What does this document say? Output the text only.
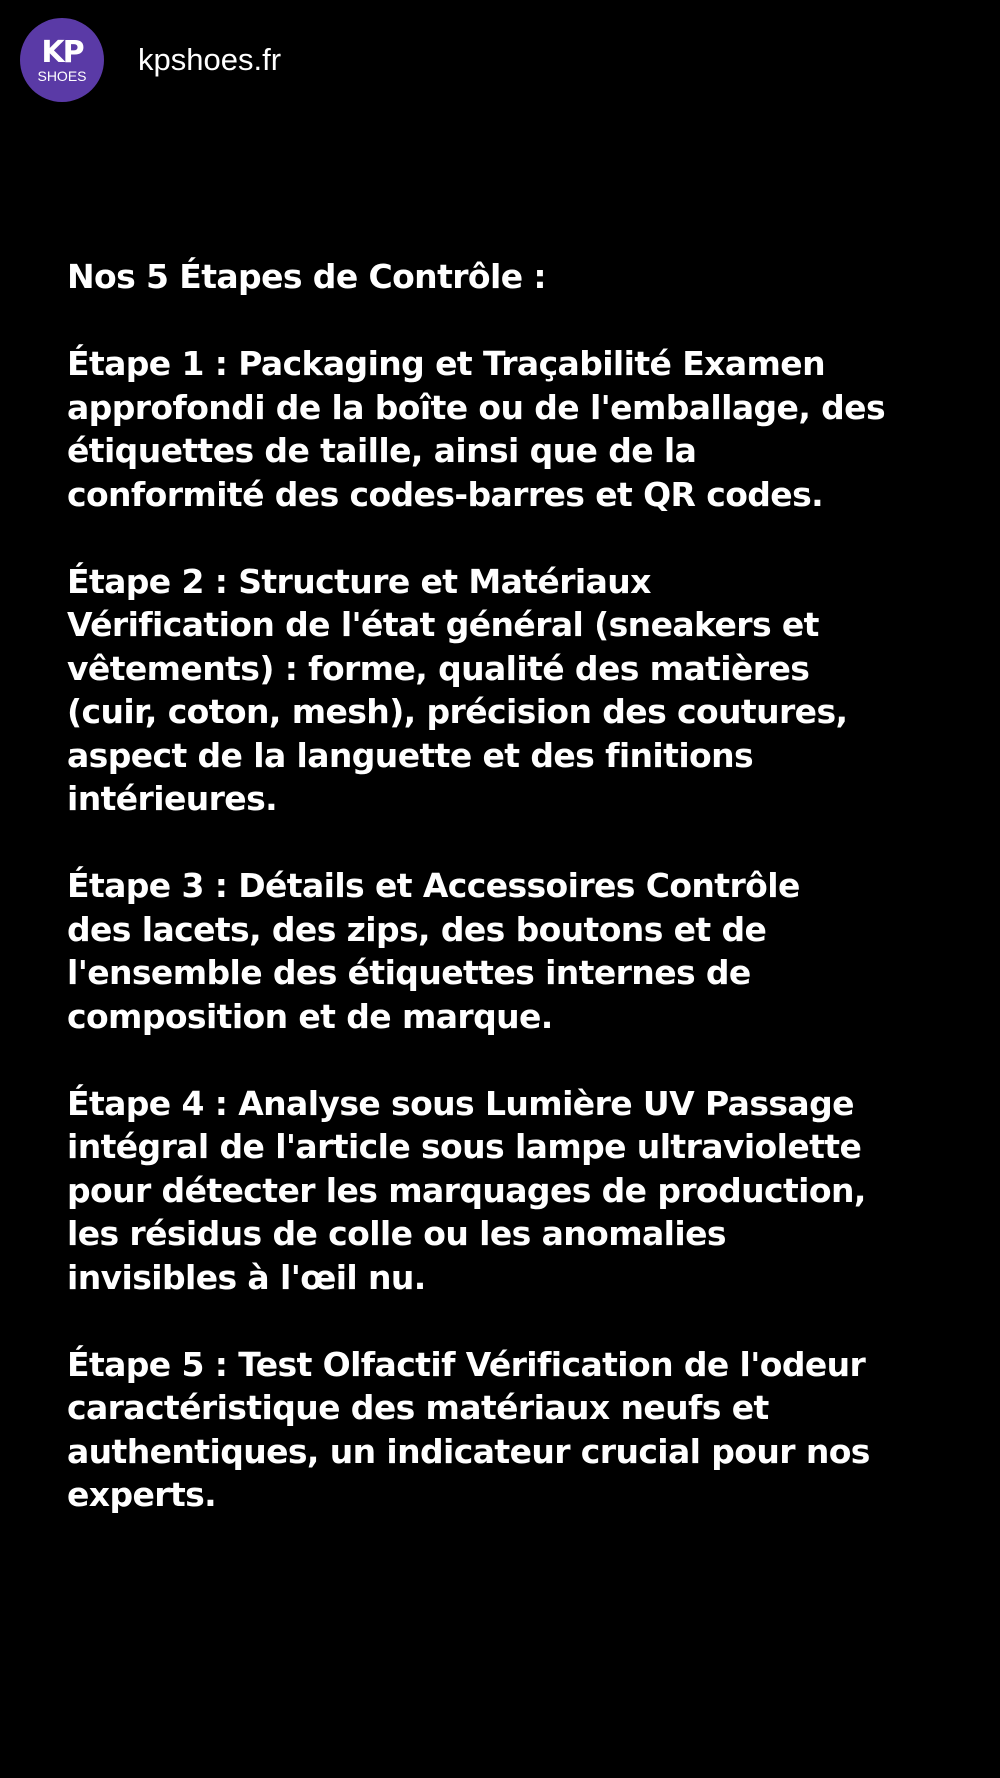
KP
SHOES kpshoes.fr

Nos 5 Étapes de Contrôle :

Étape 1 : Packaging et Traçabilité Examen

approfondi de la boîte ou de l'emballage, des

étiquettes de taille, ainsi que de la

conformité des codes-barres et QR codes.

Étape 2 : Structure et Matériaux

Vérification de l'état général (sneakers et

vêtements) : forme, qualité des matières

(cuir, coton, mesh), précision des coutures,

aspect de la languette et des finitions

intérieures.

Étape 3 : Détails et Accessoires Contrôle

des lacets, des zips, des boutons et de

l'ensemble des étiquettes internes de

composition et de marque.

Étape 4 : Analyse sous Lumière UV Passage

intégral de l'article sous lampe ultraviolette

pour détecter les marquages de production,

les résidus de colle ou les anomalies

invisibles à l'œil nu.

Étape 5 : Test Olfactif Vérification de l'odeur

caractéristique des matériaux neufs et

authentiques, un indicateur crucial pour nos

experts.
